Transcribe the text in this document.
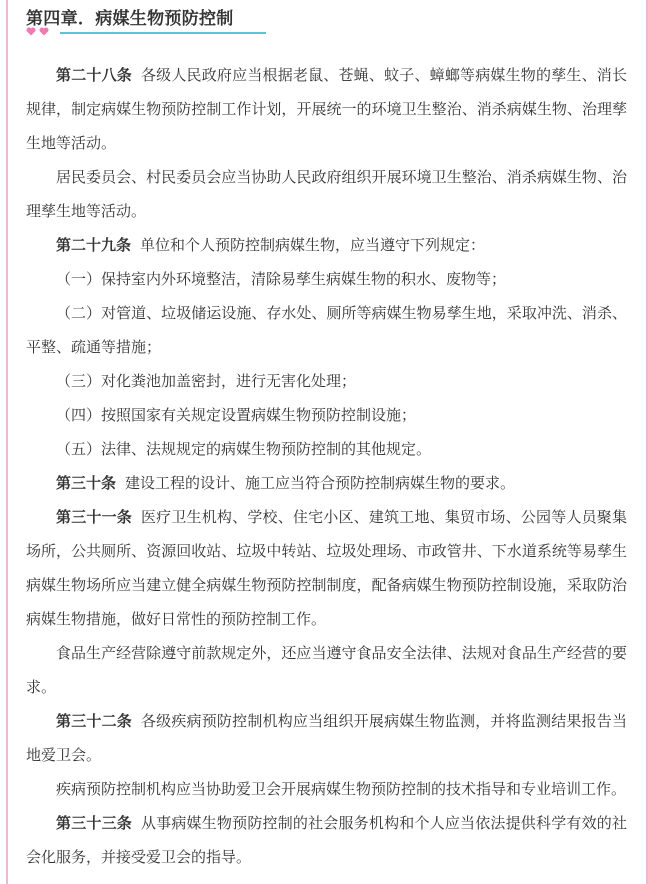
第四章．病媒生物预防控制

第二十八条 各级人民政府应当根据老鼠、苍蝇、蚊子、蟑螂等病媒生物的孳生、消长规律，制定病媒生物预防控制工作计划，开展统一的环境卫生整治、消杀病媒生物、治理孳生地等活动。

居民委员会、村民委员会应当协助人民政府组织开展环境卫生整治、消杀病媒生物、治理孳生地等活动。

第二十九条 单位和个人预防控制病媒生物，应当遵守下列规定：

（一）保持室内外环境整洁，清除易孳生病媒生物的积水、废物等；

（二）对管道、垃圾储运设施、存水处、厕所等病媒生物易孳生地，采取冲洗、消杀、平整、疏通等措施；

（三）对化粪池加盖密封，进行无害化处理；

（四）按照国家有关规定设置病媒生物预防控制设施；

（五）法律、法规规定的病媒生物预防控制的其他规定。

第三十条 建设工程的设计、施工应当符合预防控制病媒生物的要求。

第三十一条 医疗卫生机构、学校、住宅小区、建筑工地、集贸市场、公园等人员聚集场所，公共厕所、资源回收站、垃圾中转站、垃圾处理场、市政管井、下水道系统等易孳生病媒生物场所应当建立健全病媒生物预防控制制度，配备病媒生物预防控制设施，采取防治病媒生物措施，做好日常性的预防控制工作。

食品生产经营除遵守前款规定外，还应当遵守食品安全法律、法规对食品生产经营的要求。

第三十二条 各级疾病预防控制机构应当组织开展病媒生物监测，并将监测结果报告当地爱卫会。

疾病预防控制机构应当协助爱卫会开展病媒生物预防控制的技术指导和专业培训工作。

第三十三条 从事病媒生物预防控制的社会服务机构和个人应当依法提供科学有效的社会化服务，并接受爱卫会的指导。
